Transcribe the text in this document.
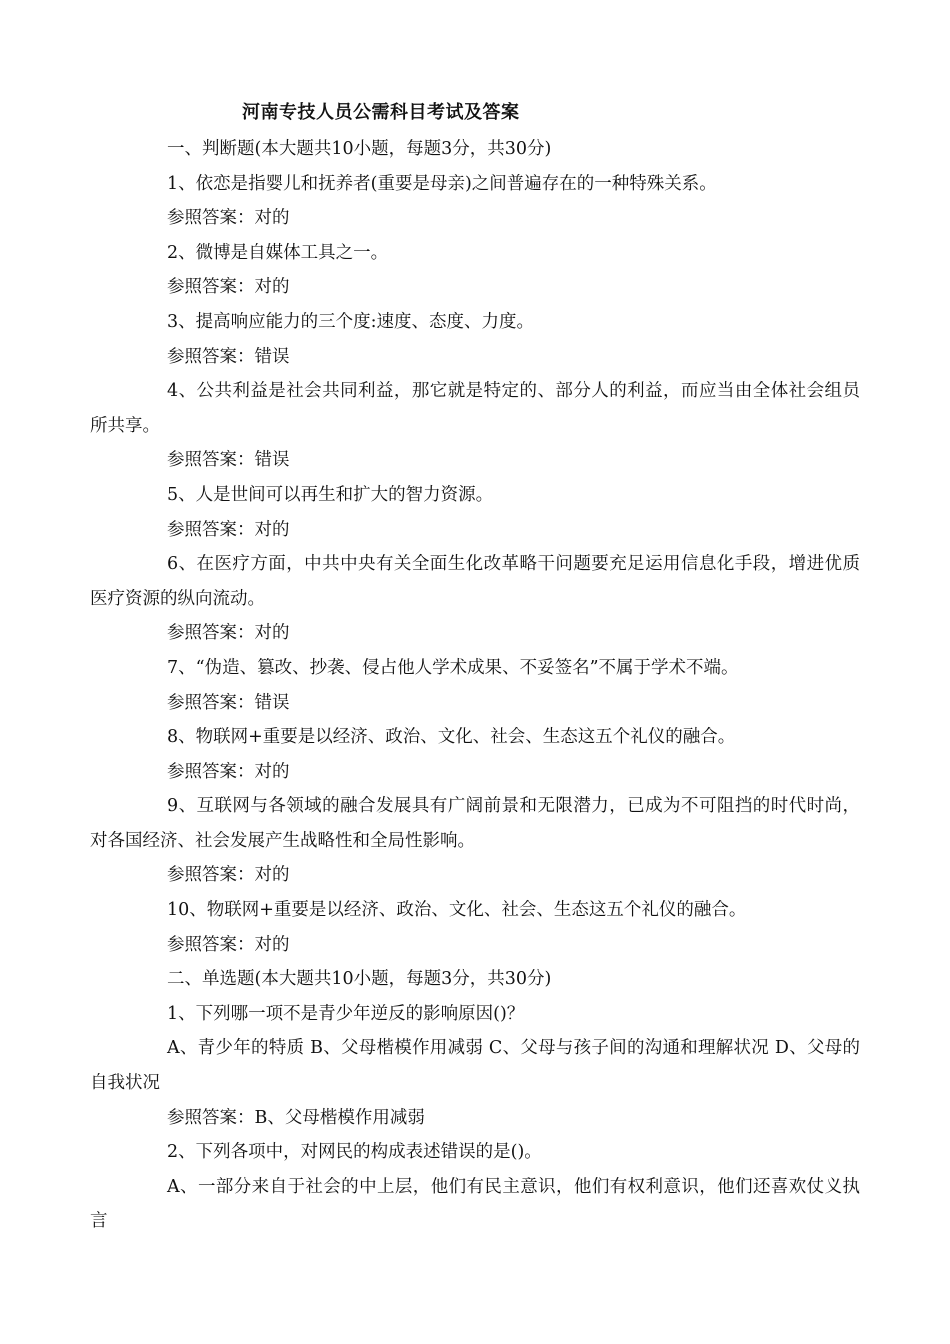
河南专技人员公需科目考试及答案

一、判断题(本大题共10小题，每题3分，共30分)

1、依恋是指婴儿和抚养者(重要是母亲)之间普遍存在的一种特殊关系。

参照答案：对的

2、微博是自媒体工具之一。

参照答案：对的

3、提高响应能力的三个度:速度、态度、力度。

参照答案：错误

4、公共利益是社会共同利益，那它就是特定的、部分人的利益，而应当由全体社会组员所共享。

参照答案：错误

5、人是世间可以再生和扩大的智力资源。

参照答案：对的

6、在医疗方面，中共中央有关全面生化改革略干问题要充足运用信息化手段，增进优质医疗资源的纵向流动。

参照答案：对的

7、“伪造、篡改、抄袭、侵占他人学术成果、不妥签名”不属于学术不端。

参照答案：错误

8、物联网+重要是以经济、政治、文化、社会、生态这五个礼仪的融合。

参照答案：对的

9、互联网与各领域的融合发展具有广阔前景和无限潜力，已成为不可阻挡的时代时尚，对各国经济、社会发展产生战略性和全局性影响。

参照答案：对的

10、物联网+重要是以经济、政治、文化、社会、生态这五个礼仪的融合。

参照答案：对的

二、单选题(本大题共10小题，每题3分，共30分)

1、下列哪一项不是青少年逆反的影响原因()？

A、青少年的特质 B、父母楷模作用减弱 C、父母与孩子间的沟通和理解状况 D、父母的自我状况

参照答案：B、父母楷模作用减弱

2、下列各项中，对网民的构成表述错误的是()。

A、一部分来自于社会的中上层，他们有民主意识，他们有权利意识，他们还喜欢仗义执言
